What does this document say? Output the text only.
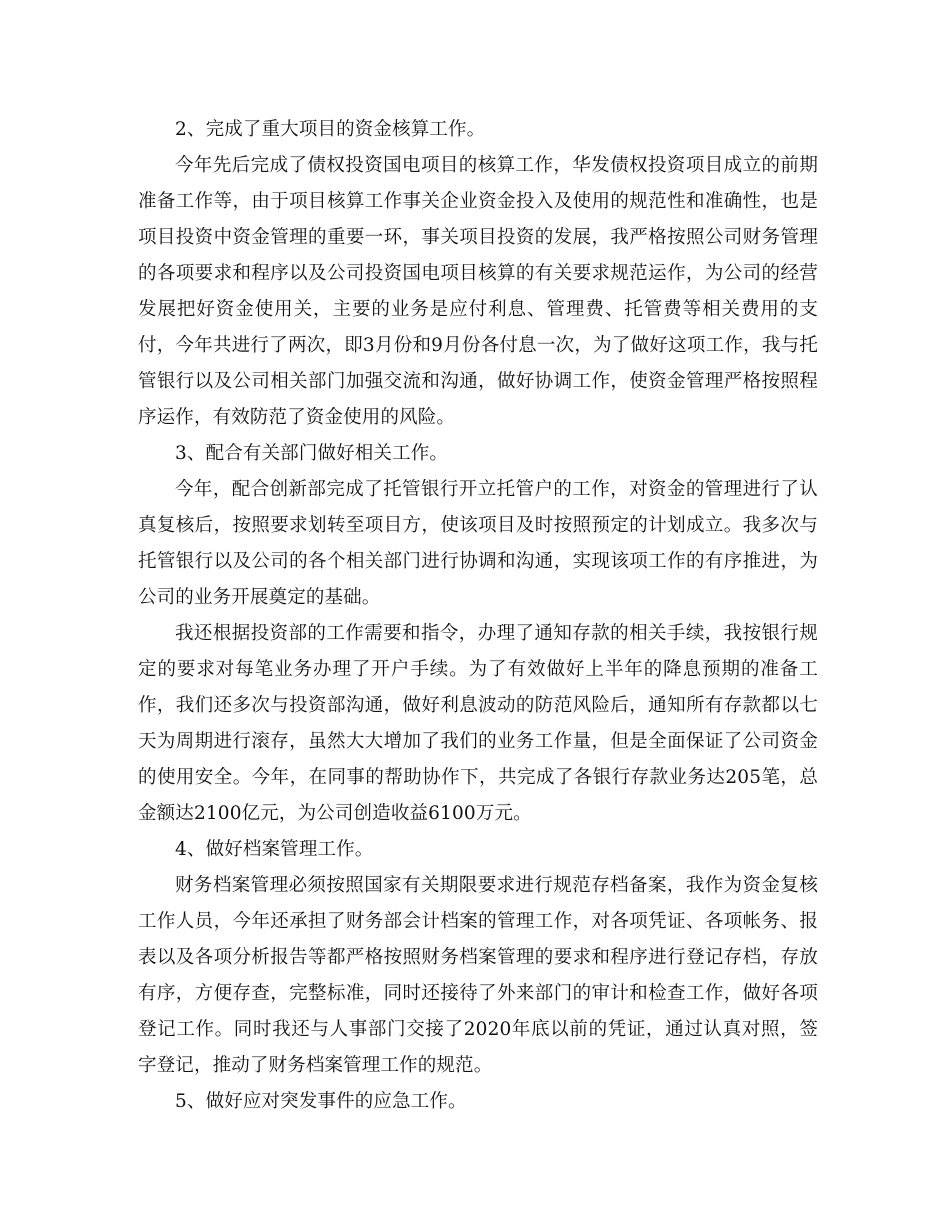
2、完成了重大项目的资金核算工作。

今年先后完成了债权投资国电项目的核算工作，华发债权投资项目成立的前期准备工作等，由于项目核算工作事关企业资金投入及使用的规范性和准确性，也是项目投资中资金管理的重要一环，事关项目投资的发展，我严格按照公司财务管理的各项要求和程序以及公司投资国电项目核算的有关要求规范运作，为公司的经营发展把好资金使用关，主要的业务是应付利息、管理费、托管费等相关费用的支付，今年共进行了两次，即3月份和9月份各付息一次，为了做好这项工作，我与托管银行以及公司相关部门加强交流和沟通，做好协调工作，使资金管理严格按照程序运作，有效防范了资金使用的风险。

3、配合有关部门做好相关工作。

今年，配合创新部完成了托管银行开立托管户的工作，对资金的管理进行了认真复核后，按照要求划转至项目方，使该项目及时按照预定的计划成立。我多次与托管银行以及公司的各个相关部门进行协调和沟通，实现该项工作的有序推进，为公司的业务开展奠定的基础。

我还根据投资部的工作需要和指令，办理了通知存款的相关手续，我按银行规定的要求对每笔业务办理了开户手续。为了有效做好上半年的降息预期的准备工作，我们还多次与投资部沟通，做好利息波动的防范风险后，通知所有存款都以七天为周期进行滚存，虽然大大增加了我们的业务工作量，但是全面保证了公司资金的使用安全。今年，在同事的帮助协作下，共完成了各银行存款业务达205笔，总金额达2100亿元，为公司创造收益6100万元。

4、做好档案管理工作。

财务档案管理必须按照国家有关期限要求进行规范存档备案，我作为资金复核工作人员，今年还承担了财务部会计档案的管理工作，对各项凭证、各项帐务、报表以及各项分析报告等都严格按照财务档案管理的要求和程序进行登记存档，存放有序，方便存查，完整标准，同时还接待了外来部门的审计和检查工作，做好各项登记工作。同时我还与人事部门交接了2020年底以前的凭证，通过认真对照，签字登记，推动了财务档案管理工作的规范。

5、做好应对突发事件的应急工作。
